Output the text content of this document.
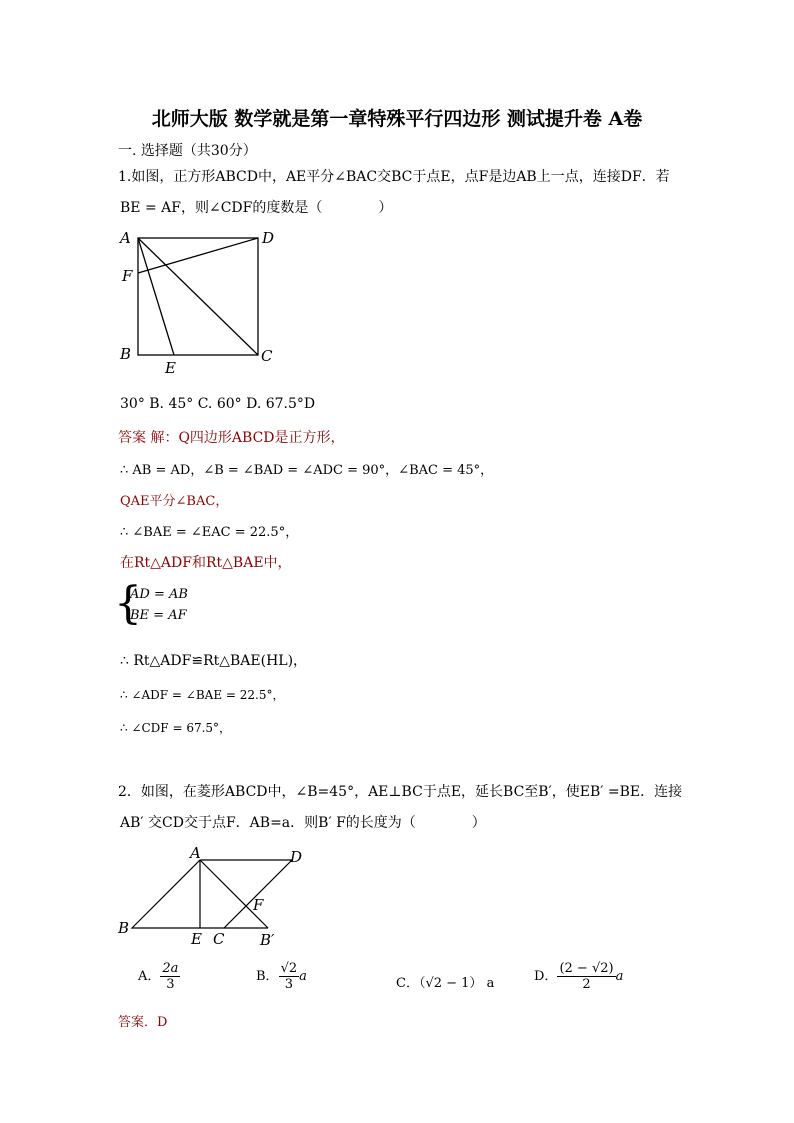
北师大版 数学就是第一章特殊平行四边形 测试提升卷 A卷
一. 选择题（共30分）
1.如图，正方形ABCD中，AE平分∠BAC交BC于点E，点F是边AB上一点，连接DF．若
BE = AF，则∠CDF的度数是（　　　　）
A	D
B	C
F
E
30° B. 45° C. 60° D. 67.5°D
答案 解：Q四边形ABCD是正方形，
∴ AB = AD，∠B = ∠BAD = ∠ADC = 90°，∠BAC = 45°，
QAE平分∠BAC，
∴ ∠BAE = ∠EAC = 22.5°，
在Rt△ADF和Rt△BAE中，
{
AD = AB
BE = AF
∴ Rt△ADF≌Rt△BAE(HL)，
∴ ∠ADF = ∠BAE = 22.5°，
∴ ∠CDF = 67.5°，
2．如图，在菱形ABCD中，∠B=45°，AE⊥BC于点E，延长BC至B′，使EB′ =BE．连接
AB′ 交CD交于点F．AB=a．则B′ F的长度为（　　　　）
A	D
B
E C
F
B′
A． $\frac{2a}{3}$	B． $\frac{√2}{3}$ a	C．（√2 − 1） a	D． $\frac{(2 - √2)}{2}$ a
答案．D
